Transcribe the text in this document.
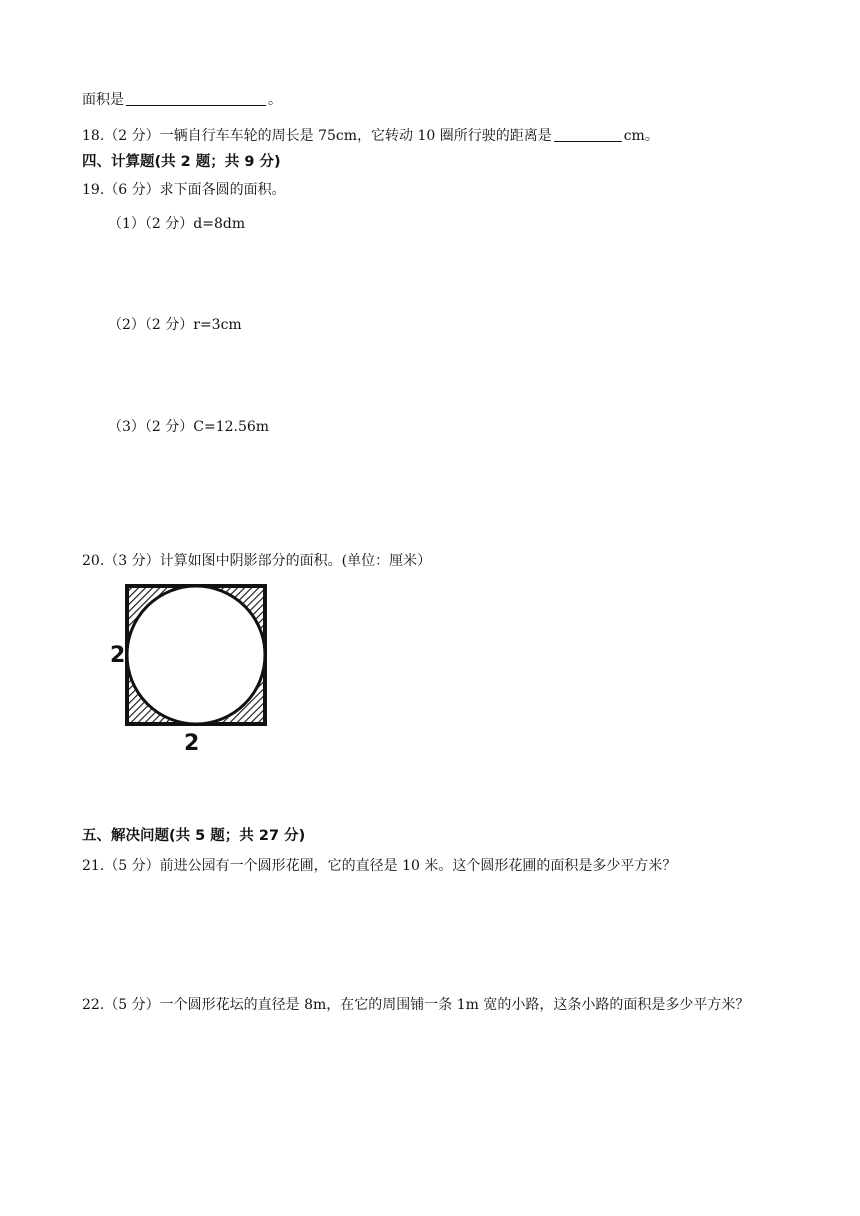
面积是	。
18.（2 分）一辆自行车车轮的周长是 75cm，它转动 10 圈所行驶的距离是	cm。
四、计算题(共 2 题；共 9 分)
19.（6 分）求下面各圆的面积。
（1）（2 分）d=8dm
（2）（2 分）r=3cm
（3）（2 分）C=12.56m
20.（3 分）计算如图中阴影部分的面积。(单位：厘米）
2
2
五、解决问题(共 5 题；共 27 分)
21.（5 分）前进公园有一个圆形花圃，它的直径是 10 米。这个圆形花圃的面积是多少平方米？
22.（5 分）一个圆形花坛的直径是 8m，在它的周围铺一条 1m 宽的小路，这条小路的面积是多少平方米？
